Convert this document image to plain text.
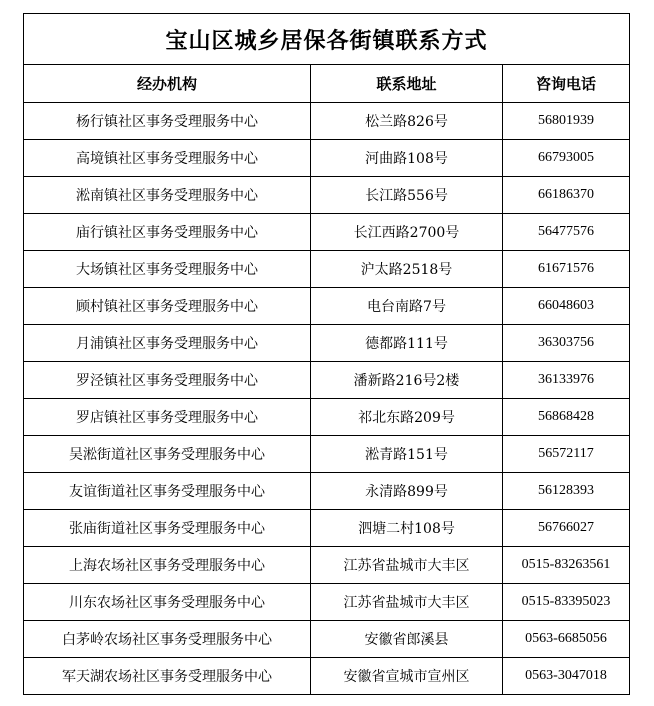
宝山区城乡居保各街镇联系方式		
经办机构	联系地址	咨询电话
杨行镇社区事务受理服务中心	松兰路826号	56801939
高境镇社区事务受理服务中心	河曲路108号	66793005
淞南镇社区事务受理服务中心	长江路556号	66186370
庙行镇社区事务受理服务中心	长江西路2700号	56477576
大场镇社区事务受理服务中心	沪太路2518号	61671576
顾村镇社区事务受理服务中心	电台南路7号	66048603
月浦镇社区事务受理服务中心	德都路111号	36303756
罗泾镇社区事务受理服务中心	潘新路216号2楼	36133976
罗店镇社区事务受理服务中心	祁北东路209号	56868428
吴淞街道社区事务受理服务中心	淞青路151号	56572117
友谊街道社区事务受理服务中心	永清路899号	56128393
张庙街道社区事务受理服务中心	泗塘二村108号	56766027
上海农场社区事务受理服务中心	江苏省盐城市大丰区	0515-83263561
川东农场社区事务受理服务中心	江苏省盐城市大丰区	0515-83395023
白茅岭农场社区事务受理服务中心	安徽省郎溪县	0563-6685056
军天湖农场社区事务受理服务中心	安徽省宣城市宣州区	0563-3047018
